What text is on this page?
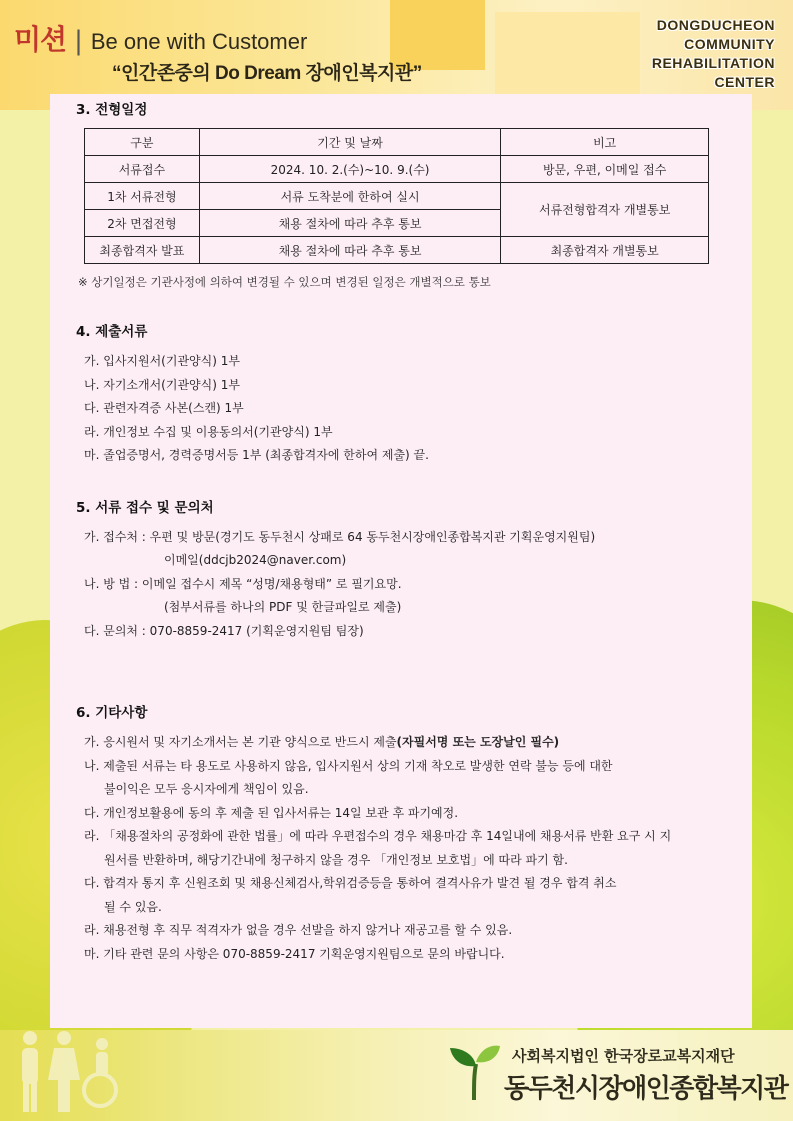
미션 | Be one with Customer
“인간존중의 Do Dream 장애인복지관”
DONGDUCHEON
COMMUNITY
REHABILITATION
CENTER
3. 전형일정
구분	기간 및 날짜	비고
서류접수	2024. 10. 2.(수)~10. 9.(수)	방문, 우편, 이메일 접수
1차 서류전형	서류 도착분에 한하여 실시	서류전형합격자 개별통보
2차 면접전형	채용 절차에 따라 추후 통보	
최종합격자 발표	채용 절차에 따라 추후 통보	최종합격자 개별통보

※ 상기일정은 기관사정에 의하여 변경될 수 있으며 변경된 일정은 개별적으로 통보

4. 제출서류
가. 입사지원서(기관양식) 1부
나. 자기소개서(기관양식) 1부
다. 관련자격증 사본(스캔) 1부
라. 개인정보 수집 및 이용동의서(기관양식) 1부
마. 졸업증명서, 경력증명서등 1부 (최종합격자에 한하여 제출) 끝.
5. 서류 접수 및 문의처
가. 접수처 : 우편 및 방문(경기도 동두천시 상패로 64 동두천시장애인종합복지관 기획운영지원팀)
이메일(ddcjb2024@naver.com)
나. 방 법 : 이메일 접수시 제목 “성명/채용형태” 로 필기요망.
(첨부서류를 하나의 PDF 및 한글파일로 제출)
다. 문의처 : 070-8859-2417 (기획운영지원팀 팀장)
6. 기타사항
가. 응시원서 및 자기소개서는 본 기관 양식으로 반드시 제출(자필서명 또는 도장날인 필수)
나. 제출된 서류는 타 용도로 사용하지 않음, 입사지원서 상의 기재 착오로 발생한 연락 불능 등에 대한
불이익은 모두 응시자에게 책임이 있음.
다. 개인정보활용에 동의 후 제출 된 입사서류는 14일 보관 후 파기예정.
라. 「채용절차의 공정화에 관한 법률」에 따라 우편접수의 경우 채용마감 후 14일내에 채용서류 반환 요구 시 지
원서를 반환하며, 해당기간내에 청구하지 않을 경우 「개인정보 보호법」에 따라 파기 함.
다. 합격자 통지 후 신원조회 및 채용신체검사,학위검증등을 통하여 결격사유가 발견 될 경우 합격 취소
될 수 있음.
라. 채용전형 후 직무 적격자가 없을 경우 선발을 하지 않거나 재공고를 할 수 있음.
마. 기타 관련 문의 사항은 070-8859-2417 기획운영지원팀으로 문의 바랍니다.
사회복지법인 한국장로교복지재단
동두천시장애인종합복지관
